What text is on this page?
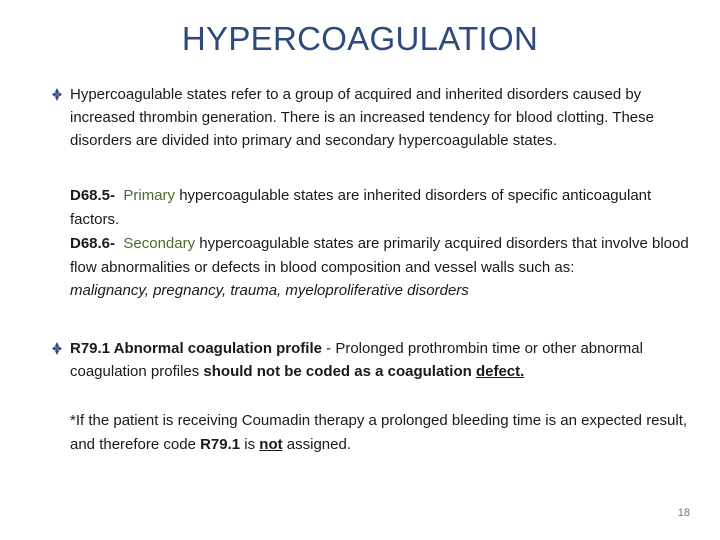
HYPERCOAGULATION
Hypercoagulable states refer to a group of acquired and inherited disorders caused by increased thrombin generation. There is an increased tendency for blood clotting. These disorders are divided into primary and secondary hypercoagulable states.
D68.5- Primary hypercoagulable states are inherited disorders of specific anticoagulant factors.
D68.6- Secondary hypercoagulable states are primarily acquired disorders that involve blood flow abnormalities or defects in blood composition and vessel walls such as:malignancy, pregnancy, trauma, myeloproliferative disorders
R79.1 Abnormal coagulation profile - Prolonged prothrombin time or other abnormal coagulation profiles should not be coded as a coagulation defect.
*If the patient is receiving Coumadin therapy a prolonged bleeding time is an expected result, and therefore code R79.1 is not assigned.
18
